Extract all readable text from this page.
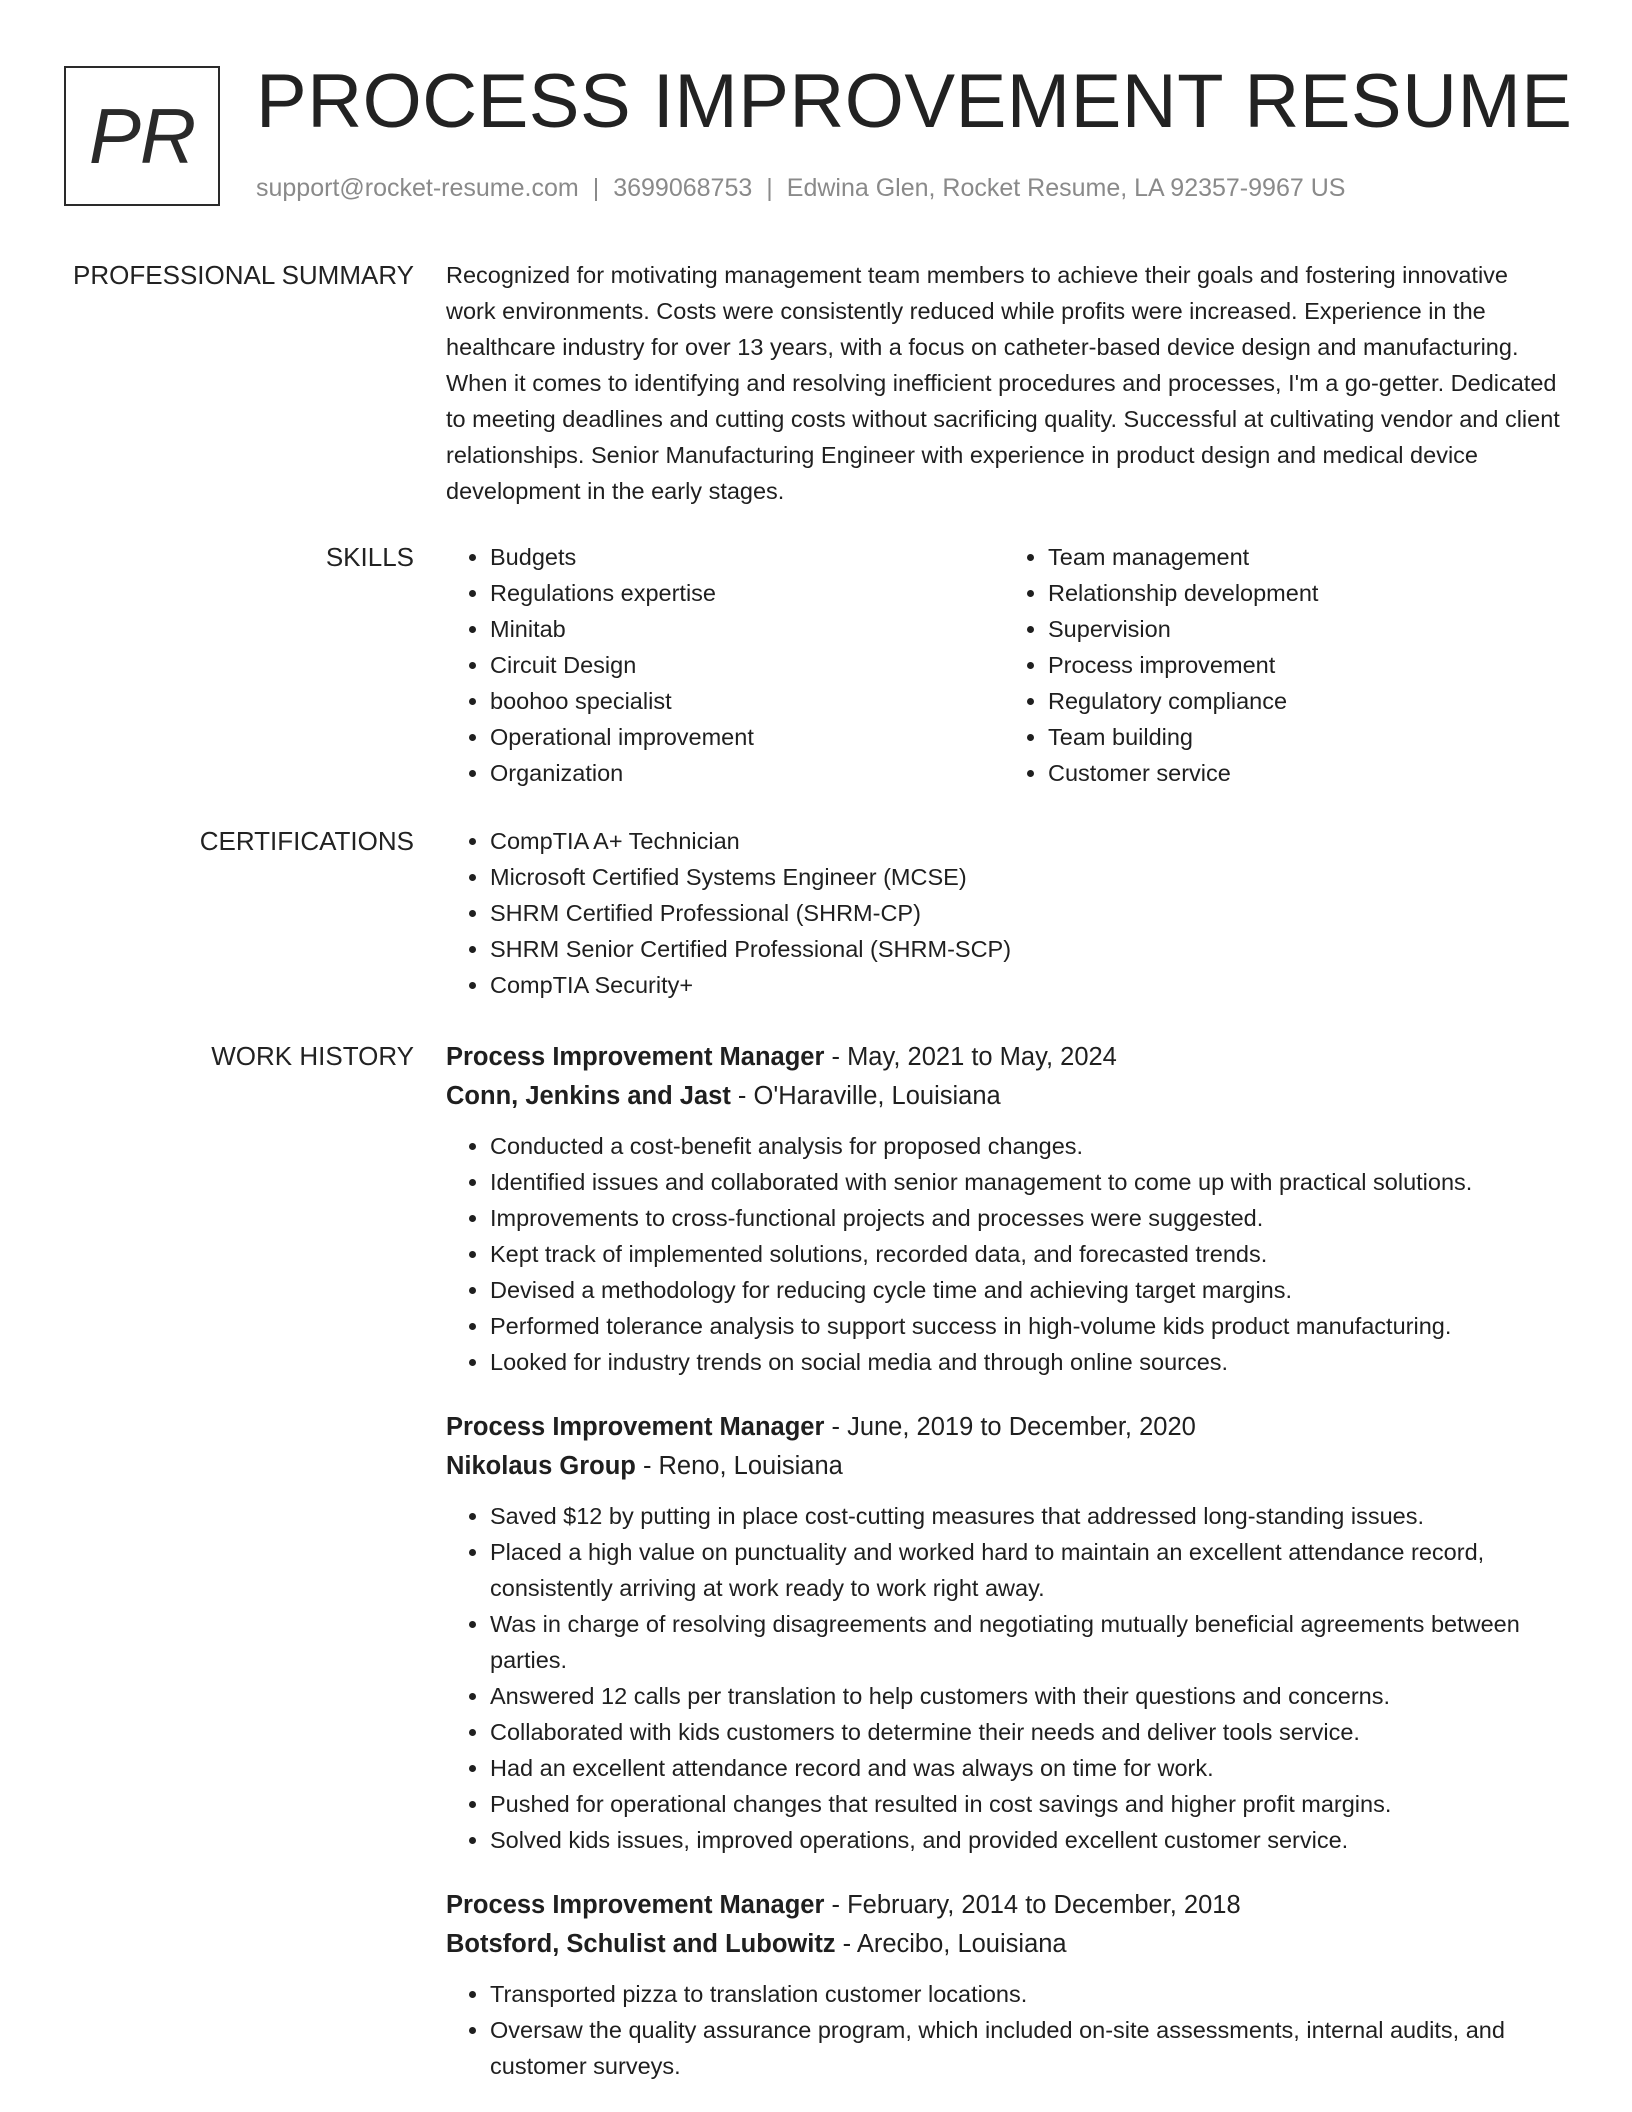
PR PROCESS IMPROVEMENT RESUME
support@rocket-resume.com | 3699068753 | Edwina Glen, Rocket Resume, LA 92357-9967 US
PROFESSIONAL SUMMARY Recognized for motivating management team members to achieve their goals and fostering innovative work environments. Costs were consistently reduced while profits were increased. Experience in the healthcare industry for over 13 years, with a focus on catheter-based device design and manufacturing. When it comes to identifying and resolving inefficient procedures and processes, I'm a go-getter. Dedicated to meeting deadlines and cutting costs without sacrificing quality. Successful at cultivating vendor and client relationships. Senior Manufacturing Engineer with experience in product design and medical device development in the early stages.

SKILLS	• Budgets
• Regulations expertise
• Minitab
• Circuit Design
• boohoo specialist
• Operational improvement
• Organization
• Team management
• Relationship development
• Supervision
• Process improvement
• Regulatory compliance
• Team building
• Customer service
CERTIFICATIONS	• CompTIA A+ Technician
• Microsoft Certified Systems Engineer (MCSE)
• SHRM Certified Professional (SHRM-CP)
• SHRM Senior Certified Professional (SHRM-SCP)
• CompTIA Security+
WORK HISTORY Process Improvement Manager - May, 2021 to May, 2024
Conn, Jenkins and Jast - O'Haraville, Louisiana
• Conducted a cost-benefit analysis for proposed changes.
• Identified issues and collaborated with senior management to come up with practical solutions.
• Improvements to cross-functional projects and processes were suggested.
• Kept track of implemented solutions, recorded data, and forecasted trends.
• Devised a methodology for reducing cycle time and achieving target margins.
• Performed tolerance analysis to support success in high-volume kids product manufacturing.
• Looked for industry trends on social media and through online sources.
Process Improvement Manager - June, 2019 to December, 2020
Nikolaus Group - Reno, Louisiana
• Saved $12 by putting in place cost-cutting measures that addressed long-standing issues.
• Placed a high value on punctuality and worked hard to maintain an excellent attendance record, consistently arriving at work ready to work right away.
• Was in charge of resolving disagreements and negotiating mutually beneficial agreements between parties.
• Answered 12 calls per translation to help customers with their questions and concerns.
• Collaborated with kids customers to determine their needs and deliver tools service.
• Had an excellent attendance record and was always on time for work.
• Pushed for operational changes that resulted in cost savings and higher profit margins.
• Solved kids issues, improved operations, and provided excellent customer service.
Process Improvement Manager - February, 2014 to December, 2018
Botsford, Schulist and Lubowitz - Arecibo, Louisiana
• Transported pizza to translation customer locations.
• Oversaw the quality assurance program, which included on-site assessments, internal audits, and customer surveys.
